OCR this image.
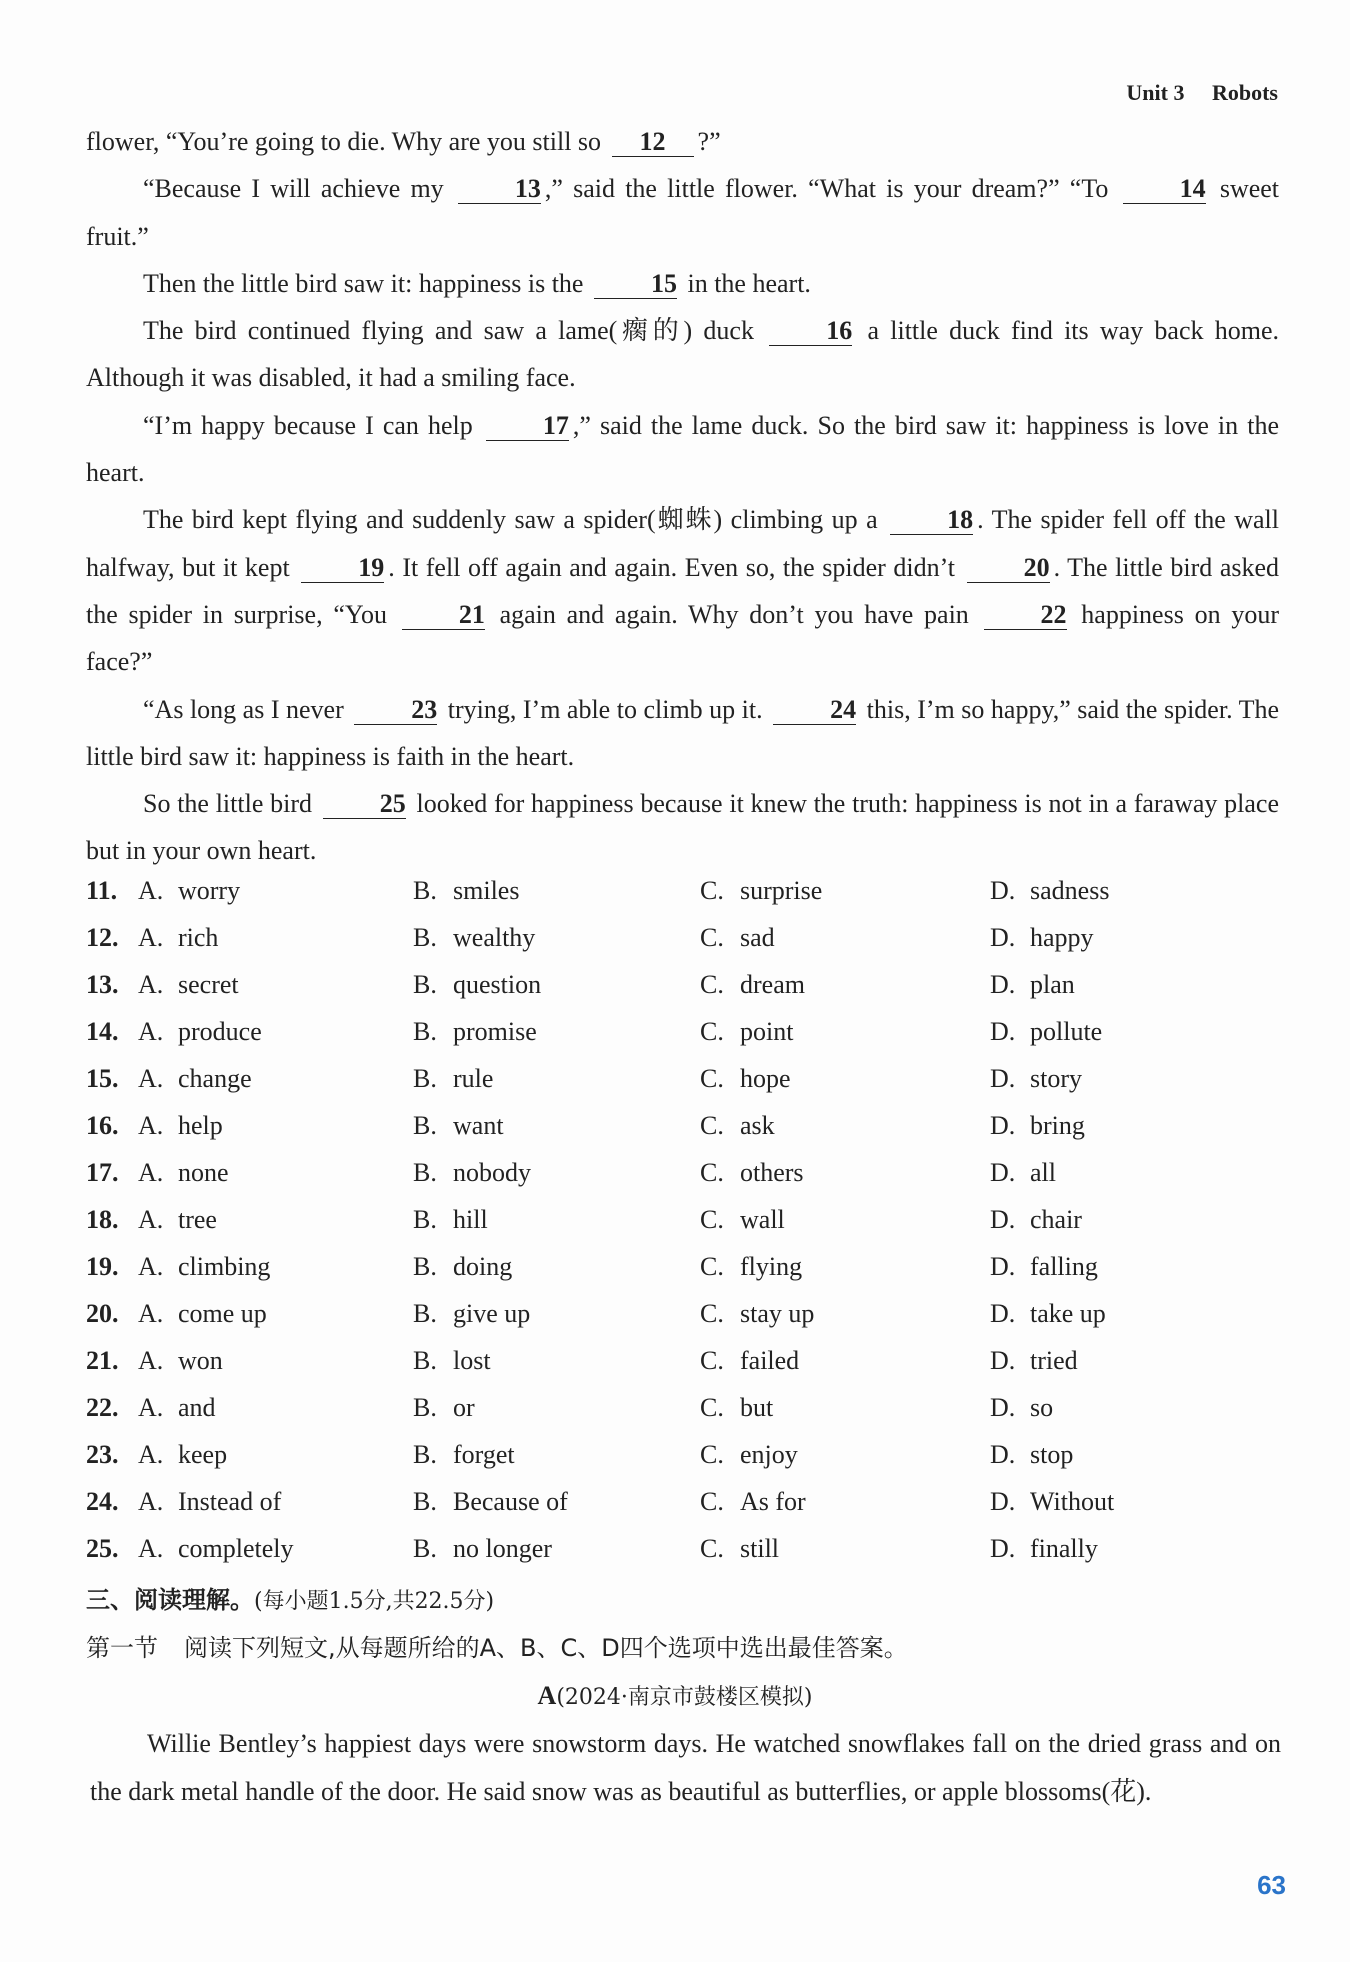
Unit 3 Robots

flower, “You’re going to die. Why are you still so 12 ?”

“Because I will achieve my	13 ,” said the little flower. “What is your dream?” “To	14 sweet fruit.”

Then the little bird saw it: happiness is the	15 in the heart.

The bird continued flying and saw a lame(瘸的) duck	16 a little duck find its way back home. Although it was disabled, it had a smiling face.

“I’m happy because I can help	17 ,” said the lame duck. So the bird saw it: happiness is love in the heart.

The bird kept flying and suddenly saw a spider(蜘蛛) climbing up a	18 . The spider fell off the wall halfway, but it kept	19 . It fell off again and again. Even so, the spider didn’t	20 . The little bird asked the spider in surprise, “You	21 again and again. Why don’t you have pain	22 happiness on your face?”

“As long as I never	23 trying, I’m able to climb up it.	24 this, I’m so happy,” said the spider. The little bird saw it: happiness is faith in the heart.

So the little bird	25 looked for happiness because it knew the truth: happiness is not in a faraway place but in your own heart.

11. A. worry	B. smiles	C. surprise	D. sadness
12. A. rich	B. wealthy	C. sad	D. happy
13. A. secret	B. question	C. dream	D. plan
14. A. produce	B. promise	C. point	D. pollute
15. A. change	B. rule	C. hope	D. story
16. A. help	B. want	C. ask	D. bring
17. A. none	B. nobody	C. others	D. all
18. A. tree	B. hill	C. wall	D. chair
19. A. climbing	B. doing	C. flying	D. falling
20. A. come up	B. give up	C. stay up	D. take up
21. A. won	B. lost	C. failed	D. tried
22. A. and	B. or	C. but	D. so
23. A. keep	B. forget	C. enjoy	D. stop
24. A. Instead of	B. Because of	C. As for	D. Without
25. A. completely	B. no longer	C. still	D. finally
三、阅读理解。(每小题1.5分,共22.5分)
第一节 阅读下列短文,从每题所给的A、B、C、D四个选项中选出最佳答案。
A(2024·南京市鼓楼区模拟)

Willie Bentley’s happiest days were snowstorm days. He watched snowflakes fall on the dried grass and on the dark metal handle of the door. He said snow was as beautiful as butterflies, or apple blossoms(花).

63
